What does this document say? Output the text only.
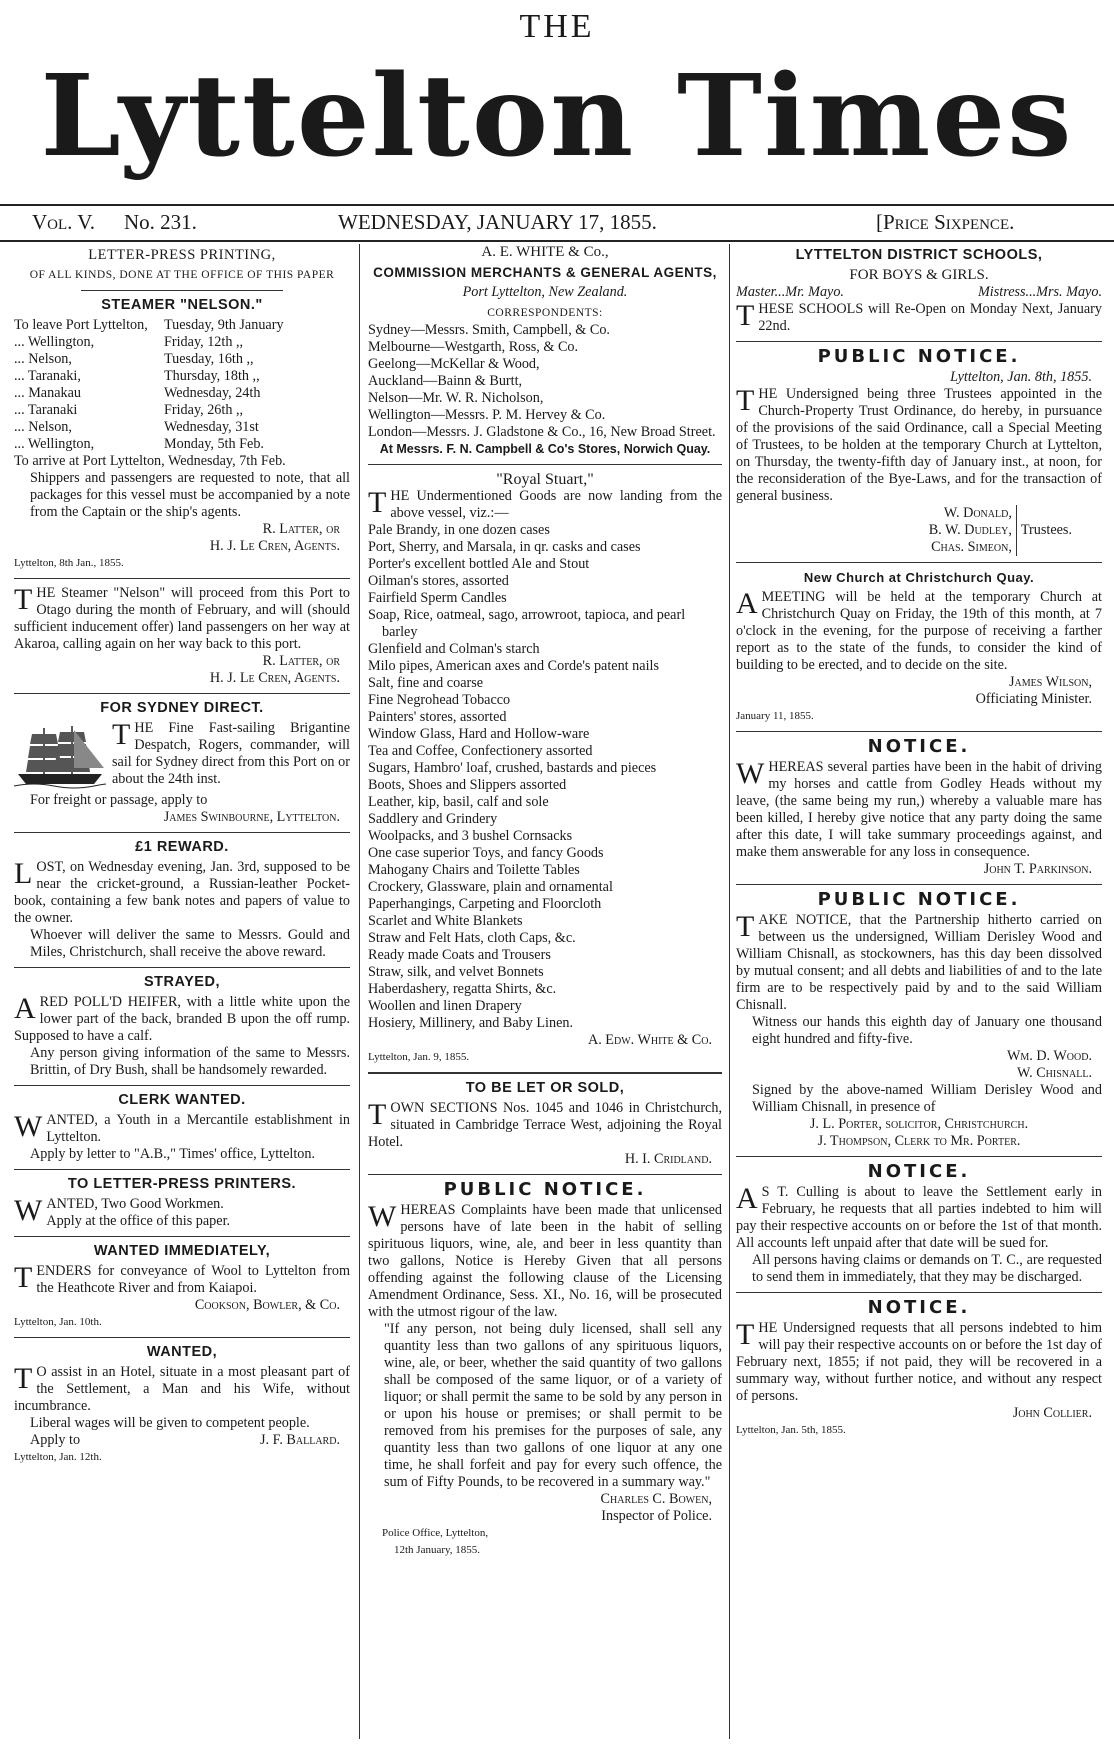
THE
Lyttelton Times
Vol. V. No. 231.	WEDNESDAY, JANUARY 17, 1855.	[Price Sixpence.
LETTER-PRESS PRINTING,
OF ALL KINDS, DONE AT THE OFFICE OF THIS PAPER
STEAMER "NELSON."
To leave Port Lyttelton,	Tuesday, 9th January
... Wellington,	Friday, 12th ,,
... Nelson,	Tuesday, 16th ,,
... Taranaki,	Thursday, 18th ,,
... Manakau	Wednesday, 24th
... Taranaki	Friday, 26th ,,
... Nelson,	Wednesday, 31st
... Wellington,	Monday, 5th Feb.

To arrive at Port Lyttelton, Wednesday, 7th Feb.

Shippers and passengers are requested to note, that all packages for this vessel must be accompanied by a note from the Captain or the ship's agents.

R. Latter, or
H. J. Le Cren, Agents.
Lyttelton, 8th Jan., 1855.

THE Steamer "Nelson" will proceed from this Port to Otago during the month of February, and will (should sufficient inducement offer) land passengers on her way at Akaroa, calling again on her way back to this port.

R. Latter, or
H. J. Le Cren, Agents.
FOR SYDNEY DIRECT.

THE Fine Fast-sailing Brigantine Despatch, Rogers, commander, will sail for Sydney direct from this Port on or about the 24th inst.

For freight or passage, apply to

James Swinbourne, Lyttelton.
£1 REWARD.

LOST, on Wednesday evening, Jan. 3rd, supposed to be near the cricket-ground, a Russian-leather Pocket-book, containing a few bank notes and papers of value to the owner.

Whoever will deliver the same to Messrs. Gould and Miles, Christchurch, shall receive the above reward.

STRAYED,

ARED POLL'D HEIFER, with a little white upon the lower part of the back, branded B upon the off rump. Supposed to have a calf.

Any person giving information of the same to Messrs. Brittin, of Dry Bush, shall be handsomely rewarded.

CLERK WANTED.

WANTED, a Youth in a Mercantile establishment in Lyttelton.

Apply by letter to "A.B.," Times' office, Lyttelton.

TO LETTER-PRESS PRINTERS.

WANTED, Two Good Workmen.

Apply at the office of this paper.

WANTED IMMEDIATELY,

TENDERS for conveyance of Wool to Lyttelton from the Heathcote River and from Kaiapoi.

Cookson, Bowler, & Co.
Lyttelton, Jan. 10th.
WANTED,

T O assist in an Hotel, situate in a most pleasant part of the Settlement, a Man and his Wife, without incumbrance.

Liberal wages will be given to competent people.

Apply to	J. F. Ballard.
Lyttelton, Jan. 12th.
A. E. WHITE & Co.,
COMMISSION MERCHANTS & GENERAL AGENTS,
Port Lyttelton, New Zealand.
CORRESPONDENTS:

Sydney—Messrs. Smith, Campbell, & Co.

Melbourne—Westgarth, Ross, & Co.

Geelong—McKellar & Wood,

Auckland—Bainn & Burtt,

Nelson—Mr. W. R. Nicholson,

Wellington—Messrs. P. M. Hervey & Co.

London—Messrs. J. Gladstone & Co., 16, New Broad Street.

At Messrs. F. N. Campbell & Co's Stores, Norwich Quay.
"Royal Stuart,"

THE Undermentioned Goods are now landing from the above vessel, viz.:—

Pale Brandy, in one dozen cases

Port, Sherry, and Marsala, in qr. casks and cases

Porter's excellent bottled Ale and Stout

Oilman's stores, assorted

Fairfield Sperm Candles

Soap, Rice, oatmeal, sago, arrowroot, tapioca, and pearl barley

Glenfield and Colman's starch

Milo pipes, American axes and Corde's patent nails

Salt, fine and coarse

Fine Negrohead Tobacco

Painters' stores, assorted

Window Glass, Hard and Hollow-ware

Tea and Coffee, Confectionery assorted

Sugars, Hambro' loaf, crushed, bastards and pieces

Boots, Shoes and Slippers assorted

Leather, kip, basil, calf and sole

Saddlery and Grindery

Woolpacks, and 3 bushel Cornsacks

One case superior Toys, and fancy Goods

Mahogany Chairs and Toilette Tables

Crockery, Glassware, plain and ornamental

Paperhangings, Carpeting and Floorcloth

Scarlet and White Blankets

Straw and Felt Hats, cloth Caps, &c.

Ready made Coats and Trousers

Straw, silk, and velvet Bonnets

Haberdashery, regatta Shirts, &c.

Woollen and linen Drapery

Hosiery, Millinery, and Baby Linen.

A. Edw. White & Co.
Lyttelton, Jan. 9, 1855.
TO BE LET OR SOLD,

TOWN SECTIONS Nos. 1045 and 1046 in Christchurch, situated in Cambridge Terrace West, adjoining the Royal Hotel.

H. I. Cridland.
PUBLIC NOTICE.

WHEREAS Complaints have been made that unlicensed persons have of late been in the habit of selling spirituous liquors, wine, ale, and beer in less quantity than two gallons, Notice is Hereby Given that all persons offending against the following clause of the Licensing Amendment Ordinance, Sess. XI., No. 16, will be prosecuted with the utmost rigour of the law.

"If any person, not being duly licensed, shall sell any quantity less than two gallons of any spirituous liquors, wine, ale, or beer, whether the said quantity of two gallons shall be composed of the same liquor, or of a variety of liquor; or shall permit the same to be sold by any person in or upon his house or premises; or shall permit to be removed from his premises for the purposes of sale, any quantity less than two gallons of one liquor at any one time, he shall forfeit and pay for every such offence, the sum of Fifty Pounds, to be recovered in a summary way."

Charles C. Bowen,
Inspector of Police.
Police Office, Lyttelton,
12th January, 1855.
LYTTELTON DISTRICT SCHOOLS,
FOR BOYS & GIRLS.
Master...Mr. Mayo.	Mistress...Mrs. Mayo.

THESE SCHOOLS will Re-Open on Monday Next, January 22nd.

PUBLIC NOTICE.
Lyttelton, Jan. 8th, 1855.

THE Undersigned being three Trustees appointed in the Church-Property Trust Ordinance, do hereby, in pursuance of the provisions of the said Ordinance, call a Special Meeting of Trustees, to be holden at the temporary Church at Lyttelton, on Thursday, the twenty-fifth day of January inst., at noon, for the reconsideration of the Bye-Laws, and for the transaction of general business.

W. Donald,
B. W. Dudley,
Chas. Simeon,
Trustees.
New Church at Christchurch Quay.

AMEETING will be held at the temporary Church at Christchurch Quay on Friday, the 19th of this month, at 7 o'clock in the evening, for the purpose of receiving a farther report as to the state of the funds, to consider the kind of building to be erected, and to decide on the site.

James Wilson,
Officiating Minister.
January 11, 1855.
NOTICE.

WHEREAS several parties have been in the habit of driving my horses and cattle from Godley Heads without my leave, (the same being my run,) whereby a valuable mare has been killed, I hereby give notice that any party doing the same after this date, I will take summary proceedings against, and make them answerable for any loss in consequence.

John T. Parkinson.
PUBLIC NOTICE.

TAKE NOTICE, that the Partnership hitherto carried on between us the undersigned, William Derisley Wood and William Chisnall, as stockowners, has this day been dissolved by mutual consent; and all debts and liabilities of and to the late firm are to be respectively paid by and to the said William Chisnall.

Witness our hands this eighth day of January one thousand eight hundred and fifty-five.

Wm. D. Wood.
W. Chisnall.

Signed by the above-named William Derisley Wood and William Chisnall, in presence of

J. L. Porter, solicitor, Christchurch.
J. Thompson, Clerk to Mr. Porter.
NOTICE.

A S T. Culling is about to leave the Settlement early in February, he requests that all parties indebted to him will pay their respective accounts on or before the 1st of that month. All accounts left unpaid after that date will be sued for.

All persons having claims or demands on T. C., are requested to send them in immediately, that they may be discharged.

NOTICE.

THE Undersigned requests that all persons indebted to him will pay their respective accounts on or before the 1st day of February next, 1855; if not paid, they will be recovered in a summary way, without further notice, and without any respect of persons.

John Collier.
Lyttelton, Jan. 5th, 1855.
